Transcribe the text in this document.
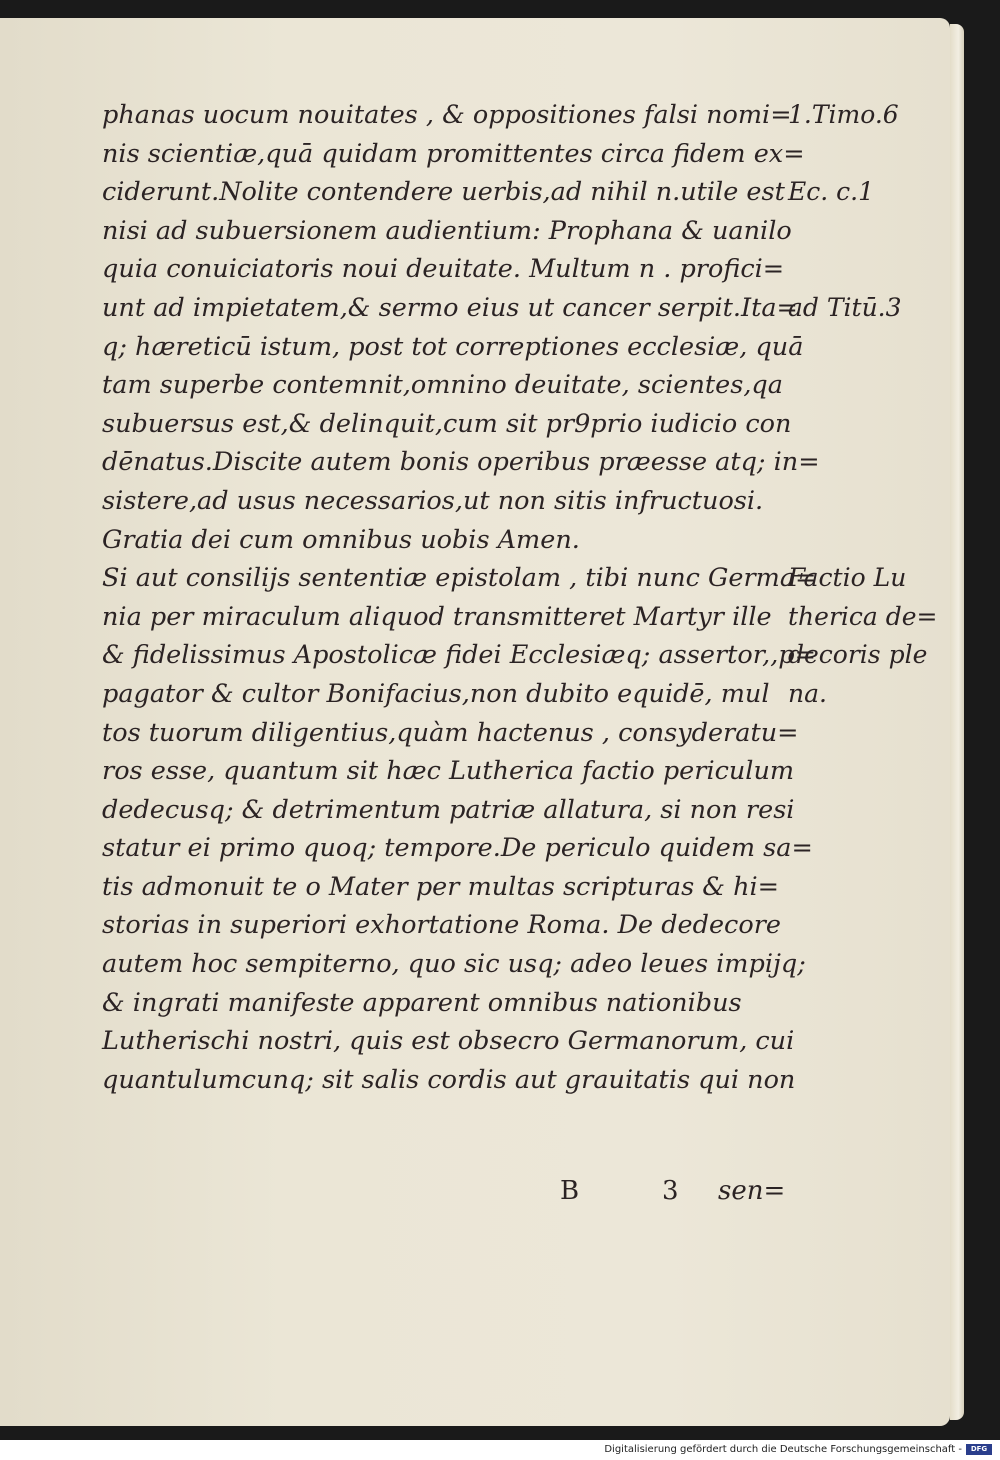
phanas uocum nouitates , & oppositiones falsi nomi=
nis scientiæ,quā quidam promittentes circa fidem ex=
ciderunt.Nolite contendere uerbis,ad nihil n.utile est
nisi ad subuersionem audientium: Prophana & uanilo
quia conuiciatoris noui deuitate. Multum n . profici=
unt ad impietatem,& sermo eius ut cancer serpit.Ita=
q; hæreticū istum, post tot correptiones ecclesiæ, quā
tam superbe contemnit,omnino deuitate, scientes,qa
subuersus est,& delinquit,cum sit pr9prio iudicio con
dēnatus.Discite autem bonis operibus præesse atq; in=
sistere,ad usus necessarios,ut non sitis infructuosi.
Gratia dei cum omnibus uobis Amen.
Si aut consilijs sententiæ epistolam , tibi nunc Germa=
nia per miraculum aliquod transmitteret Martyr ille
& fidelissimus Apostolicæ fidei Ecclesiæq; assertor,,p=
pagator & cultor Bonifacius,non dubito equidē, mul
tos tuorum diligentius,quàm hactenus , consyderatu=
ros esse, quantum sit hæc Lutherica factio periculum
dedecusq; & detrimentum patriæ allatura, si non resi
statur ei primo quoq; tempore.De periculo quidem sa=
tis admonuit te o Mater per multas scripturas & hi=
storias in superiori exhortatione Roma. De dedecore
autem hoc sempiterno, quo sic usq; adeo leues impijq;
& ingrati manifeste apparent omnibus nationibus
Lutherischi nostri, quis est obsecro Germanorum, cui
quantulumcunq; sit salis cordis aut grauitatis qui non
1.Timo.6
Ec. c.1
ad Titū.3
Factio Lu
therica de=
decoris ple
na.
B	3 sen=
Digitalisierung gefördert durch die Deutsche Forschungsgemeinschaft -	DFG
